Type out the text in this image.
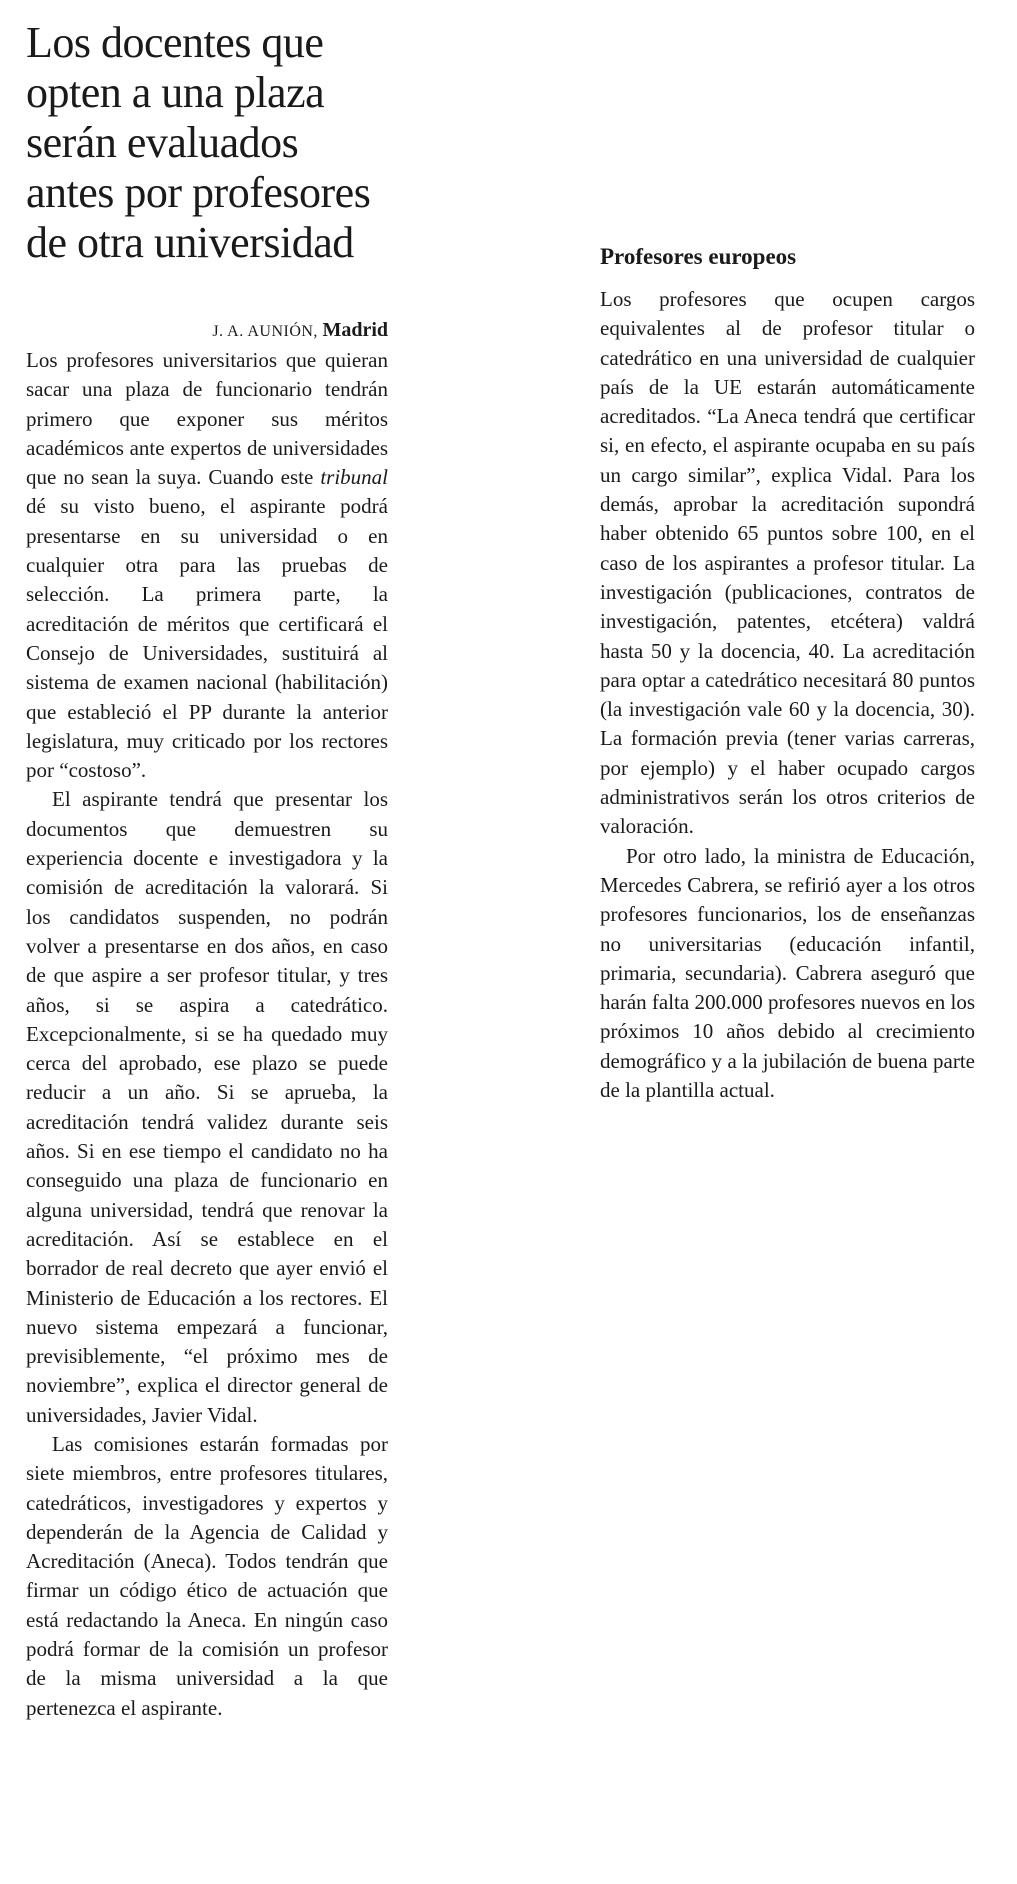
Los docentes que
opten a una plaza
serán evaluados
antes por profesores
de otra universidad
J. A. AUNIÓN, Madrid

Los profesores universitarios que quieran sacar una plaza de funcionario tendrán primero que exponer sus méritos académicos ante expertos de universidades que no sean la suya. Cuando este tribunal dé su visto bueno, el aspirante podrá presentarse en su universidad o en cualquier otra para las pruebas de selección. La primera parte, la acreditación de méritos que certificará el Consejo de Universidades, sustituirá al sistema de examen nacional (habilitación) que estableció el PP durante la anterior legislatura, muy criticado por los rectores por “costoso”.

El aspirante tendrá que presentar los documentos que demuestren su experiencia docente e investigadora y la comisión de acreditación la valorará. Si los candidatos suspenden, no podrán volver a presentarse en dos años, en caso de que aspire a ser profesor titular, y tres años, si se aspira a catedrático. Excepcionalmente, si se ha quedado muy cerca del aprobado, ese plazo se puede reducir a un año. Si se aprueba, la acreditación tendrá validez durante seis años. Si en ese tiempo el candidato no ha conseguido una plaza de funcionario en alguna universidad, tendrá que renovar la acreditación. Así se establece en el borrador de real decreto que ayer envió el Ministerio de Educación a los rectores. El nuevo sistema empezará a funcionar, previsiblemente, “el próximo mes de noviembre”, explica el director general de universidades, Javier Vidal.

Las comisiones estarán formadas por siete miembros, entre profesores titulares, catedráticos, investigadores y expertos y dependerán de la Agencia de Calidad y Acreditación (Aneca). Todos tendrán que firmar un código ético de actuación que está redactando la Aneca. En ningún caso podrá formar de la comisión un profesor de la misma universidad a la que pertenezca el aspirante.

Profesores europeos

Los profesores que ocupen cargos equivalentes al de profesor titular o catedrático en una universidad de cualquier país de la UE estarán automáticamente acreditados. “La Aneca tendrá que certificar si, en efecto, el aspirante ocupaba en su país un cargo similar”, explica Vidal. Para los demás, aprobar la acreditación supondrá haber obtenido 65 puntos sobre 100, en el caso de los aspirantes a profesor titular. La investigación (publicaciones, contratos de investigación, patentes, etcétera) valdrá hasta 50 y la docencia, 40. La acreditación para optar a catedrático necesitará 80 puntos (la investigación vale 60 y la docencia, 30). La formación previa (tener varias carreras, por ejemplo) y el haber ocupado cargos administrativos serán los otros criterios de valoración.

Por otro lado, la ministra de Educación, Mercedes Cabrera, se refirió ayer a los otros profesores funcionarios, los de enseñanzas no universitarias (educación infantil, primaria, secundaria). Cabrera aseguró que harán falta 200.000 profesores nuevos en los próximos 10 años debido al crecimiento demográfico y a la jubilación de buena parte de la plantilla actual.
